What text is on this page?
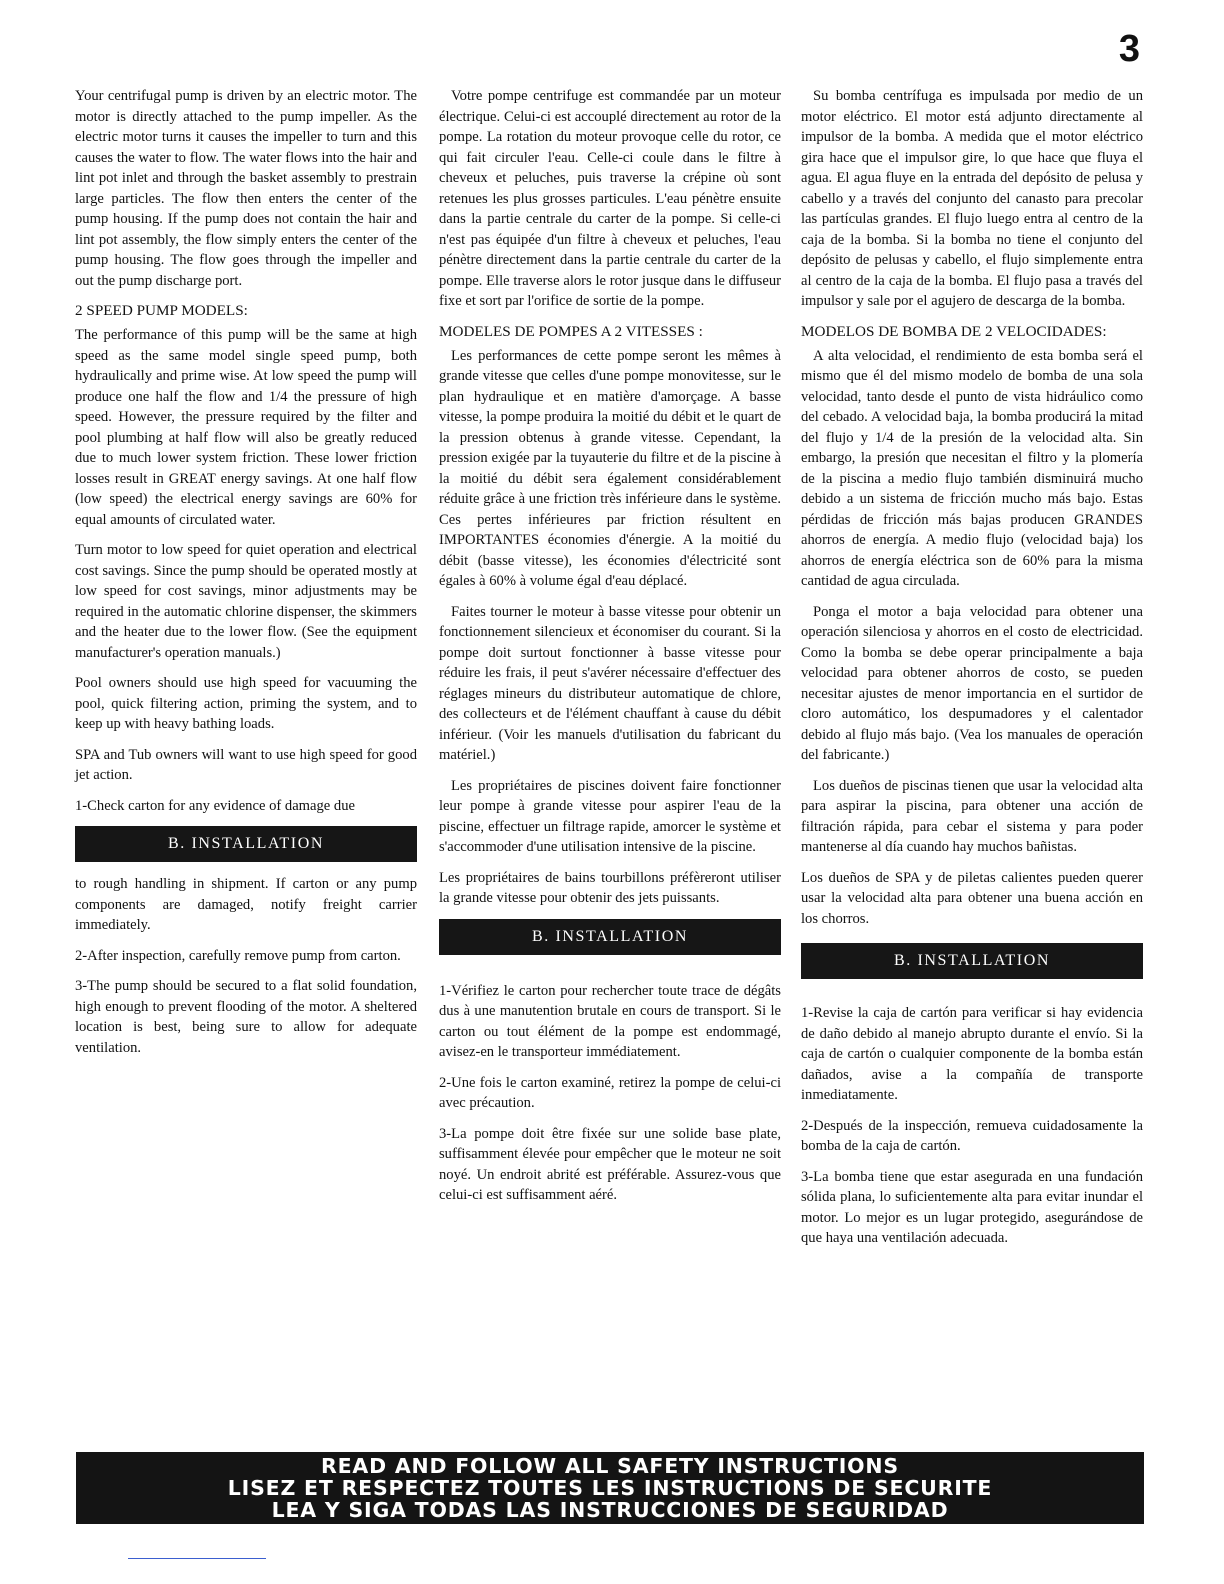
3

Your centrifugal pump is driven by an electric motor. The motor is directly attached to the pump impeller. As the electric motor turns it causes the impeller to turn and this causes the water to flow. The water flows into the hair and lint pot inlet and through the basket assembly to prestrain large particles. The flow then enters the center of the pump housing. If the pump does not contain the hair and lint pot assembly, the flow simply enters the center of the pump housing. The flow goes through the impeller and out the pump discharge port.

2 SPEED PUMP MODELS:

The performance of this pump will be the same at high speed as the same model single speed pump, both hydraulically and prime wise. At low speed the pump will produce one half the flow and 1/4 the pressure of high speed. However, the pressure required by the filter and pool plumbing at half flow will also be greatly reduced due to much lower system friction. These lower friction losses result in GREAT energy savings. At one half flow (low speed) the electrical energy savings are 60% for equal amounts of circulated water.

Turn motor to low speed for quiet operation and electrical cost savings. Since the pump should be operated mostly at low speed for cost savings, minor adjustments may be required in the automatic chlorine dispenser, the skimmers and the heater due to the lower flow. (See the equipment manufacturer's operation manuals.)

Pool owners should use high speed for vacuuming the pool, quick filtering action, priming the system, and to keep up with heavy bathing loads.

SPA and Tub owners will want to use high speed for good jet action.

1-Check carton for any evidence of damage due

B. INSTALLATION

to rough handling in shipment. If carton or any pump components are damaged, notify freight carrier immediately.

2-After inspection, carefully remove pump from carton.

3-The pump should be secured to a flat solid foundation, high enough to prevent flooding of the motor. A sheltered location is best, being sure to allow for adequate ventilation.

Votre pompe centrifuge est commandée par un moteur électrique. Celui-ci est accouplé directement au rotor de la pompe. La rotation du moteur provoque celle du rotor, ce qui fait circuler l'eau. Celle-ci coule dans le filtre à cheveux et peluches, puis traverse la crépine où sont retenues les plus grosses particules. L'eau pénètre ensuite dans la partie centrale du carter de la pompe. Si celle-ci n'est pas équipée d'un filtre à cheveux et peluches, l'eau pénètre directement dans la partie centrale du carter de la pompe. Elle traverse alors le rotor jusque dans le diffuseur fixe et sort par l'orifice de sortie de la pompe.

MODELES DE POMPES A 2 VITESSES :

Les performances de cette pompe seront les mêmes à grande vitesse que celles d'une pompe monovitesse, sur le plan hydraulique et en matière d'amorçage. A basse vitesse, la pompe produira la moitié du débit et le quart de la pression obtenus à grande vitesse. Cependant, la pression exigée par la tuyauterie du filtre et de la piscine à la moitié du débit sera également considérablement réduite grâce à une friction très inférieure dans le système. Ces pertes inférieures par friction résultent en IMPORTANTES économies d'énergie. A la moitié du débit (basse vitesse), les économies d'électricité sont égales à 60% à volume égal d'eau déplacé.

Faites tourner le moteur à basse vitesse pour obtenir un fonctionnement silencieux et économiser du courant. Si la pompe doit surtout fonctionner à basse vitesse pour réduire les frais, il peut s'avérer nécessaire d'effectuer des réglages mineurs du distributeur automatique de chlore, des collecteurs et de l'élément chauffant à cause du débit inférieur. (Voir les manuels d'utilisation du fabricant du matériel.)

Les propriétaires de piscines doivent faire fonctionner leur pompe à grande vitesse pour aspirer l'eau de la piscine, effectuer un filtrage rapide, amorcer le système et s'accommoder d'une utilisation intensive de la piscine.

Les propriétaires de bains tourbillons préfèreront utiliser la grande vitesse pour obtenir des jets puissants.

B. INSTALLATION

1-Vérifiez le carton pour rechercher toute trace de dégâts dus à une manutention brutale en cours de transport. Si le carton ou tout élément de la pompe est endommagé, avisez-en le transporteur immédiatement.

2-Une fois le carton examiné, retirez la pompe de celui-ci avec précaution.

3-La pompe doit être fixée sur une solide base plate, suffisamment élevée pour empêcher que le moteur ne soit noyé. Un endroit abrité est préférable. Assurez-vous que celui-ci est suffisamment aéré.

Su bomba centrífuga es impulsada por medio de un motor eléctrico. El motor está adjunto directamente al impulsor de la bomba. A medida que el motor eléctrico gira hace que el impulsor gire, lo que hace que fluya el agua. El agua fluye en la entrada del depósito de pelusa y cabello y a través del conjunto del canasto para precolar las partículas grandes. El flujo luego entra al centro de la caja de la bomba. Si la bomba no tiene el conjunto del depósito de pelusas y cabello, el flujo simplemente entra al centro de la caja de la bomba. El flujo pasa a través del impulsor y sale por el agujero de descarga de la bomba.

MODELOS DE BOMBA DE 2 VELOCIDADES:

A alta velocidad, el rendimiento de esta bomba será el mismo que él del mismo modelo de bomba de una sola velocidad, tanto desde el punto de vista hidráulico como del cebado. A velocidad baja, la bomba producirá la mitad del flujo y 1/4 de la presión de la velocidad alta. Sin embargo, la presión que necesitan el filtro y la plomería de la piscina a medio flujo también disminuirá mucho debido a un sistema de fricción mucho más bajo. Estas pérdidas de fricción más bajas producen GRANDES ahorros de energía. A medio flujo (velocidad baja) los ahorros de energía eléctrica son de 60% para la misma cantidad de agua circulada.

Ponga el motor a baja velocidad para obtener una operación silenciosa y ahorros en el costo de electricidad. Como la bomba se debe operar principalmente a baja velocidad para obtener ahorros de costo, se pueden necesitar ajustes de menor importancia en el surtidor de cloro automático, los despumadores y el calentador debido al flujo más bajo. (Vea los manuales de operación del fabricante.)

Los dueños de piscinas tienen que usar la velocidad alta para aspirar la piscina, para obtener una acción de filtración rápida, para cebar el sistema y para poder mantenerse al día cuando hay muchos bañistas.

Los dueños de SPA y de piletas calientes pueden querer usar la velocidad alta para obtener una buena acción en los chorros.

B. INSTALLATION

1-Revise la caja de cartón para verificar si hay evidencia de daño debido al manejo abrupto durante el envío. Si la caja de cartón o cualquier componente de la bomba están dañados, avise a la compañía de transporte inmediatamente.

2-Después de la inspección, remueva cuidadosamente la bomba de la caja de cartón.

3-La bomba tiene que estar asegurada en una fundación sólida plana, lo suficientemente alta para evitar inundar el motor. Lo mejor es un lugar protegido, asegurándose de que haya una ventilación adecuada.

READ AND FOLLOW ALL SAFETY INSTRUCTIONS
LISEZ ET RESPECTEZ TOUTES LES INSTRUCTIONS DE SECURITE
LEA Y SIGA TODAS LAS INSTRUCCIONES DE SEGURIDAD
